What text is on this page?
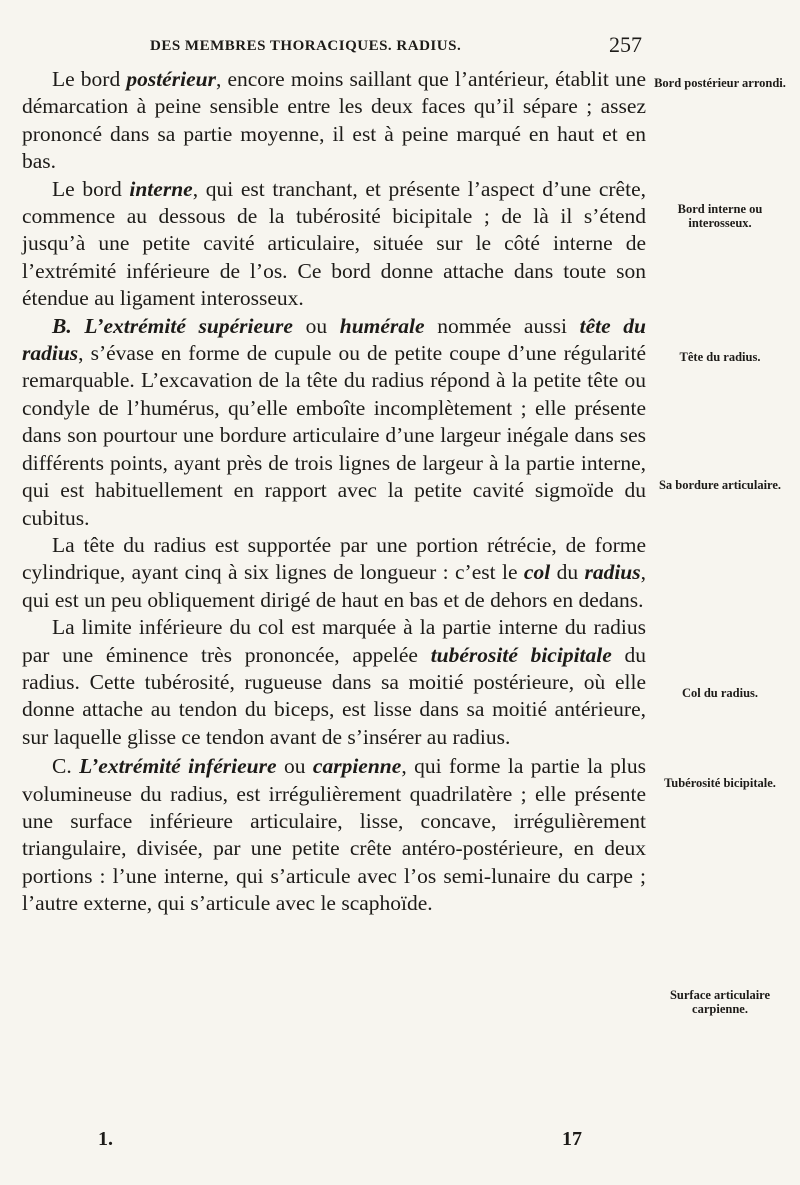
DES MEMBRES THORACIQUES. RADIUS.	257

Le bord postérieur, encore moins saillant que l’antérieur, établit une démarcation à peine sensible entre les deux faces qu’il sépare ; assez prononcé dans sa partie moyenne, il est à peine marqué en haut et en bas.

Le bord interne, qui est tranchant, et présente l’aspect d’une crête, commence au dessous de la tubérosité bicipitale ; de là il s’étend jusqu’à une petite cavité articulaire, située sur le côté interne de l’extrémité inférieure de l’os. Ce bord donne attache dans toute son étendue au ligament interosseux.

B. L’extrémité supérieure ou humérale nommée aussi tête du radius, s’évase en forme de cupule ou de petite coupe d’une régularité remarquable. L’excavation de la tête du radius répond à la petite tête ou condyle de l’humérus, qu’elle emboîte incomplètement ; elle présente dans son pourtour une bordure articulaire d’une largeur inégale dans ses différents points, ayant près de trois lignes de largeur à la partie interne, qui est habituellement en rapport avec la petite cavité sigmoïde du cubitus.

La tête du radius est supportée par une portion rétrécie, de forme cylindrique, ayant cinq à six lignes de longueur : c’est le col du radius, qui est un peu obliquement dirigé de haut en bas et de dehors en dedans.

La limite inférieure du col est marquée à la partie interne du radius par une éminence très prononcée, appelée tubérosité bicipitale du radius. Cette tubérosité, rugueuse dans sa moitié postérieure, où elle donne attache au tendon du biceps, est lisse dans sa moitié antérieure, sur laquelle glisse ce tendon avant de s’insérer au radius.

C. L’extrémité inférieure ou carpienne, qui forme la partie la plus volumineuse du radius, est irrégulièrement quadrilatère ; elle présente une surface inférieure articulaire, lisse, concave, irrégulièrement triangulaire, divisée, par une petite crête antéro-postérieure, en deux portions : l’une interne, qui s’articule avec l’os semi-lunaire du carpe ; l’autre externe, qui s’articule avec le scaphoïde.

Bord postérieur arrondi.
Bord interne ou interosseux.
Tête du radius.
Sa bordure articulaire.
Col du radius.
Tubérosité bicipitale.
Surface articulaire carpienne.
1.	17
